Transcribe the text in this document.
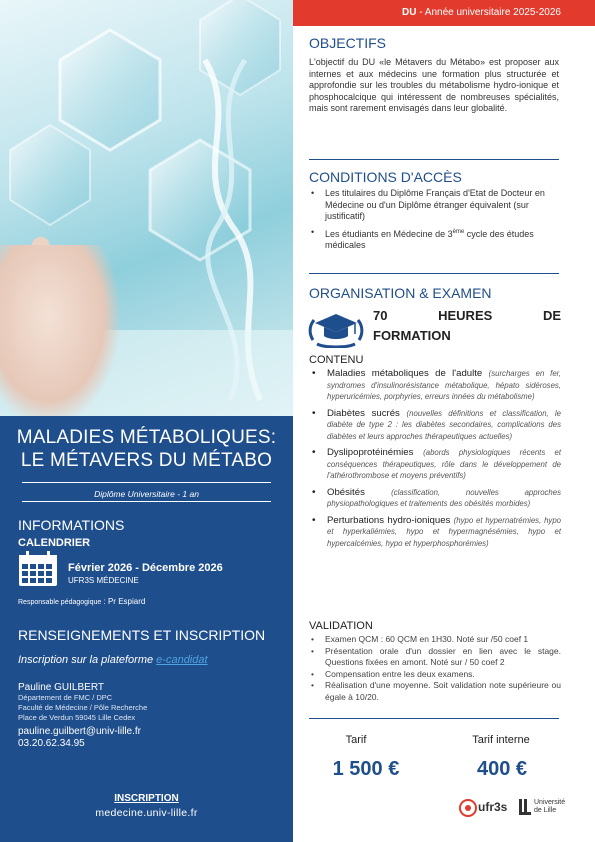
MALADIES MÉTABOLIQUES:
LE MÉTAVERS DU MÉTABO
Diplôme Universitaire - 1 an
INFORMATIONS
CALENDRIER
Février 2026 - Décembre 2026
UFR3S MÉDECINE
Responsable pédagogique : Pr Espiard
RENSEIGNEMENTS ET INSCRIPTION
Inscription sur la plateforme e-candidat
Pauline GUILBERT
Département de FMC / DPC
Faculté de Médecine / Pôle Recherche
Place de Verdun 59045 Lille Cedex
pauline.guilbert@univ-lille.fr
03.20.62.34.95
INSCRIPTION
medecine.univ-lille.fr
DU - Année universitaire 2025-2026
OBJECTIFS
L'objectif du DU «le Métavers du Métabo» est proposer aux internes et aux médecins une formation plus structurée et approfondie sur les troubles du métabolisme hydro-ionique et phosphocalcique qui intéressent de nombreuses spécialités, mais sont rarement envisagés dans leur globalité.
CONDITIONS D'ACCÈS
• Les titulaires du Diplôme Français d'Etat de Docteur en Médecine ou d'un Diplôme étranger équivalent (sur justificatif)
• Les étudiants en Médecine de 3ème cycle des études médicales
ORGANISATION & EXAMEN
70 HEURES DE
FORMATION
CONTENU
• Maladies métaboliques de l'adulte (surcharges en fer, syndromes d'insulinorésistance métabolique, hépato sidéroses, hyperuricémies, porphyries, erreurs innées du métabolisme)
• Diabètes sucrés (nouvelles définitions et classification, le diabète de type 2 : les diabètes secondaires, complications des diabètes et leurs approches thérapeutiques actuelles)
• Dyslipoprotéinémies (abords physiologiques récents et conséquences thérapeutiques, rôle dans le développement de l'athérothrombose et moyens préventifs)
• Obésités (classification, nouvelles approches physiopathologiques et traitements des obésités morbides)
• Perturbations hydro-ioniques (hypo et hypernatrémies, hypo et hyperkaliémies, hypo et hypermagnésémies, hypo et hypercalcémies, hypo et hyperphosphorémies)
VALIDATION
• Examen QCM : 60 QCM en 1H30. Noté sur /50 coef 1
• Présentation orale d'un dossier en lien avec le stage. Questions fixées en amont. Noté sur / 50 coef 2
• Compensation entre les deux examens.
• Réalisation d'une moyenne. Soit validation note supérieure ou égale à 10/20.
Tarif
1 500 €
Tarif interne
400 €
ufr3s	Université
de Lille
